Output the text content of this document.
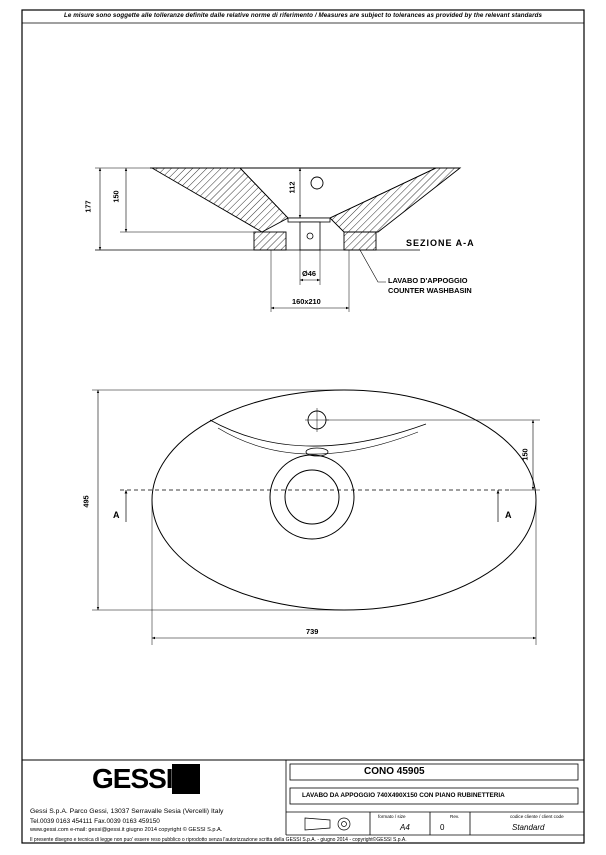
Le misure sono soggette alle tolleranze definite dalle relative norme di riferimento / Measures are subject to tolerances as provided by the relevant standards
177
150
112
Ø46
160x210
SEZIONE A-A
LAVABO D'APPOGGIO
COUNTER WASHBASIN
495
739
150
A	A
GESSI
Gessi S.p.A. Parco Gessi, 13037 Serravalle Sesia (Vercelli) Italy
Tel.0039 0163 454111 Fax.0039 0163 459150
www.gessi.com e-mail: gessi@gessi.it giugno 2014 copyright © GESSI S.p.A.
CONO 45905
LAVABO DA APPOGGIO 740X490X150 CON PIANO RUBINETTERIA
formato / size
A4
Rev.
0
codice cliente / client code
Standard
Il presente disegno e tecnica di legge non puo' essere reso pubblico o riprodotto senza l'autorizzazione scritta della GESSI S.p.A. - giugno 2014 - copyright©GESSI S.p.A.
